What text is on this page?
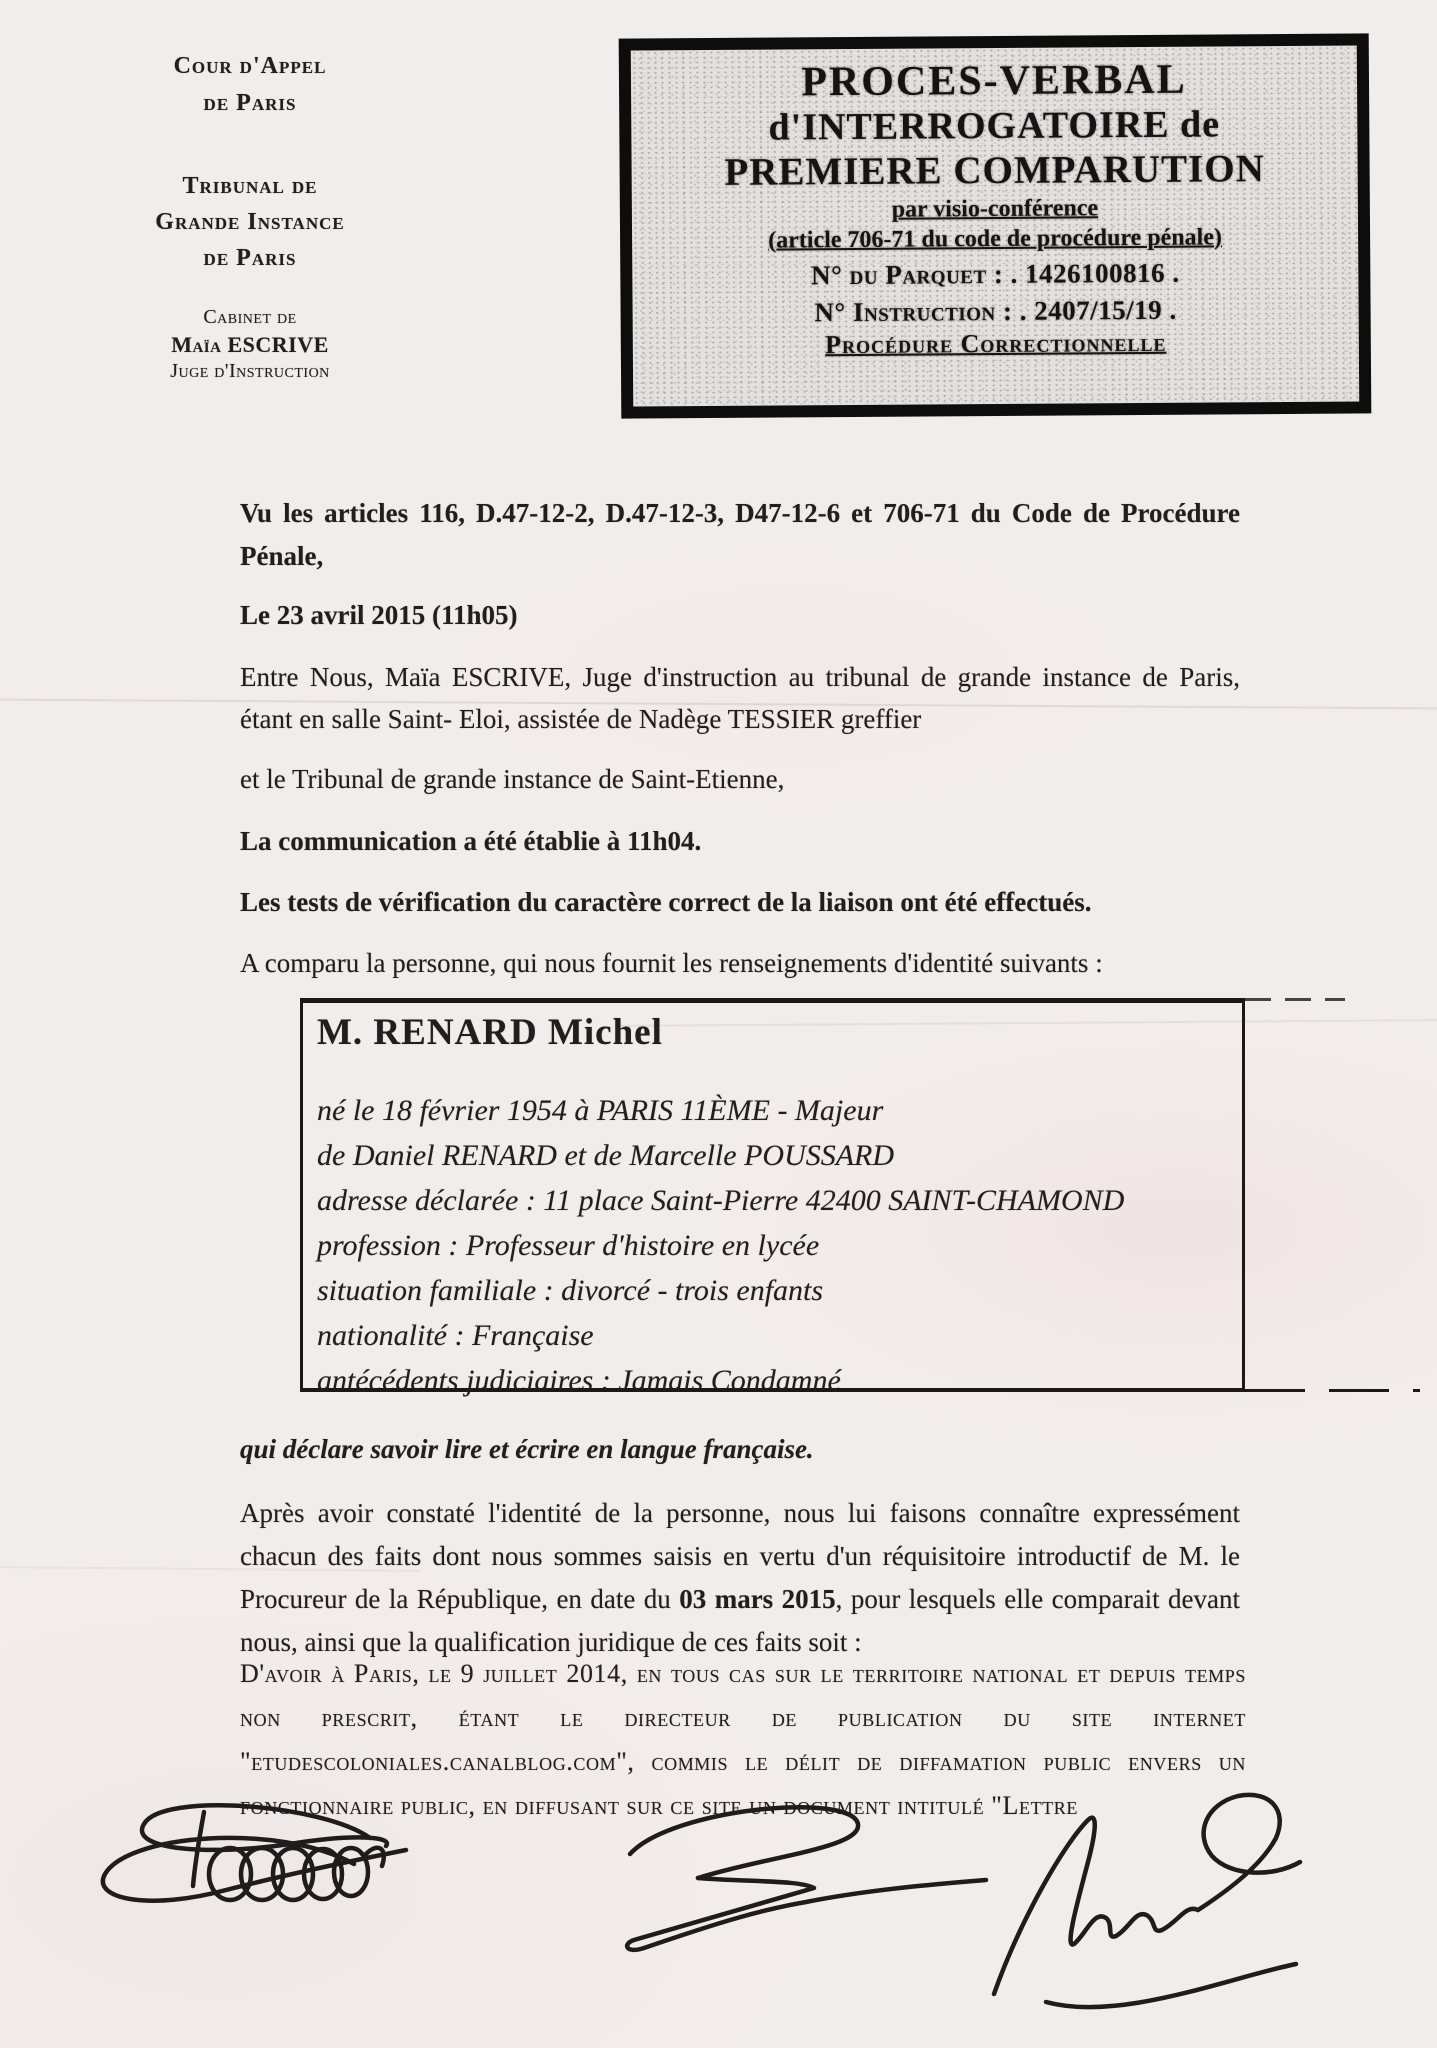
Cour d'Appel
de Paris
Tribunal de
Grande Instance
de Paris
Cabinet de
Maïa ESCRIVE
Juge d'Instruction
PROCES-VERBAL
d'INTERROGATOIRE de
PREMIERE COMPARUTION
par visio-conférence
(article 706-71 du code de procédure pénale)
N° du Parquet : . 1426100816 .
N° Instruction : . 2407/15/19 .
Procédure Correctionnelle

Vu les articles 116, D.47-12-2, D.47-12-3, D47-12-6 et 706-71 du Code de Procédure Pénale,

Le 23 avril 2015 (11h05)

Entre Nous, Maïa ESCRIVE, Juge d'instruction au tribunal de grande instance de Paris, étant en salle Saint- Eloi, assistée de Nadège TESSIER greffier

et le Tribunal de grande instance de Saint-Etienne,

La communication a été établie à 11h04.

Les tests de vérification du caractère correct de la liaison ont été effectués.

A comparu la personne, qui nous fournit les renseignements d'identité suivants :

M. RENARD Michel
né le 18 février 1954 à PARIS 11ÈME - Majeur
de Daniel RENARD et de Marcelle POUSSARD
adresse déclarée : 11 place Saint-Pierre 42400 SAINT-CHAMOND
profession : Professeur d'histoire en lycée
situation familiale : divorcé - trois enfants
nationalité : Française
antécédents judiciaires : Jamais Condamné

qui déclare savoir lire et écrire en langue française.

Après avoir constaté l'identité de la personne, nous lui faisons connaître expressément chacun des faits dont nous sommes saisis en vertu d'un réquisitoire introductif de M. le Procureur de la République, en date du 03 mars 2015, pour lesquels elle comparait devant nous, ainsi que la qualification juridique de ces faits soit :

D'avoir à Paris, le 9 juillet 2014, en tous cas sur le territoire national et depuis temps non prescrit, étant le directeur de publication du site internet "etudescoloniales.canalblog.com", commis le délit de diffamation public envers un fonctionnaire public, en diffusant sur ce site un document intitulé "Lettre
